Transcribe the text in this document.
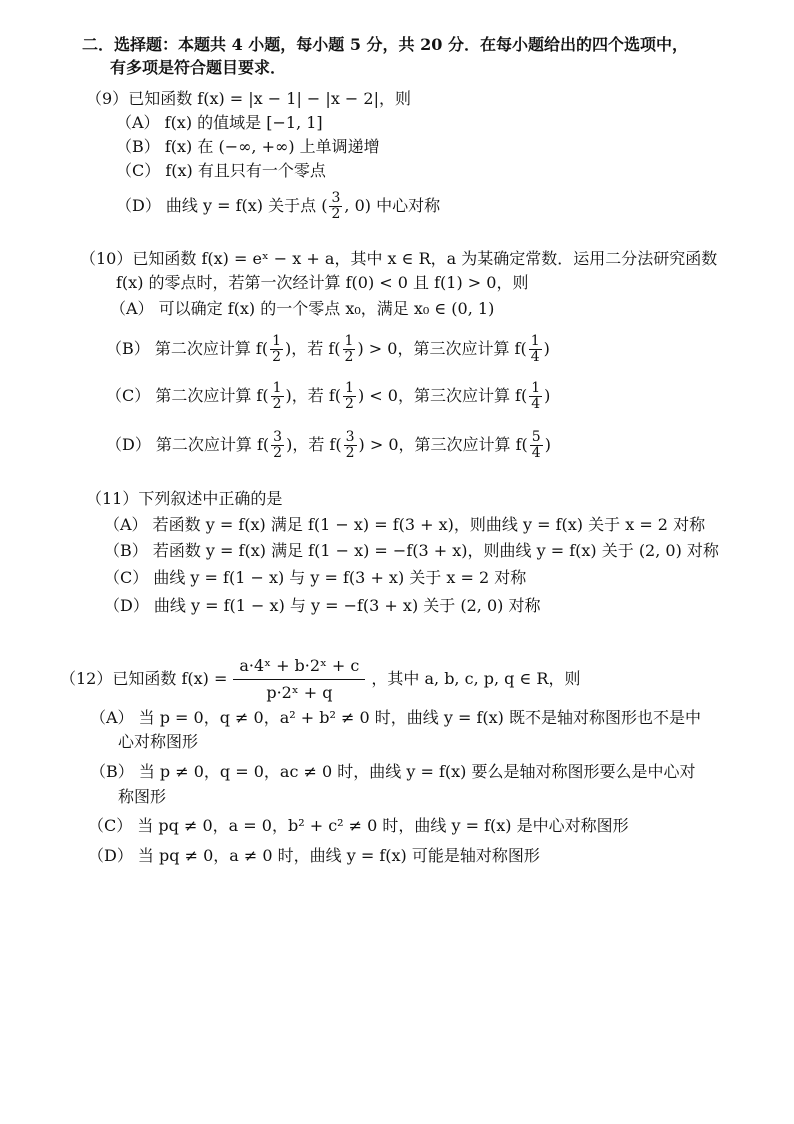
二．选择题：本题共 4 小题，每小题 5 分，共 20 分．在每小题给出的四个选项中，
有多项是符合题目要求．
（9）已知函数 f(x) = |x − 1| − |x − 2|，则
（A） f(x) 的值域是 [−1, 1]
（B） f(x) 在 (−∞, +∞) 上单调递增
（C） f(x) 有且只有一个零点
（D） 曲线 y = f(x) 关于点 ( $\frac{3}{2}$ , 0) 中心对称
（10）已知函数 f(x) = eˣ − x + a，其中 x ∈ R，a 为某确定常数．运用二分法研究函数
f(x) 的零点时，若第一次经计算 f(0) < 0 且 f(1) > 0，则
（A） 可以确定 f(x) 的一个零点 x₀，满足 x₀ ∈ (0, 1)
（B） 第二次应计算 $f( \frac{1}{2}$ )，若 $f( \frac{1}{2}$ ) > 0，第三次应计算 $f( \frac{1}{4}$ )
（C） 第二次应计算 $f( \frac{1}{2}$ )，若 $f( \frac{1}{2}$ ) < 0，第三次应计算 $f( \frac{1}{4}$ )
（D） 第二次应计算 $f( \frac{3}{2}$ )，若 $f( \frac{3}{2}$ ) > 0，第三次应计算 $f( \frac{5}{4}$ )
（11）下列叙述中正确的是
（A） 若函数 y = f(x) 满足 f(1 − x) = f(3 + x)，则曲线 y = f(x) 关于 x = 2 对称
（B） 若函数 y = f(x) 满足 f(1 − x) = −f(3 + x)，则曲线 y = f(x) 关于 (2, 0) 对称
（C） 曲线 y = f(1 − x) 与 y = f(3 + x) 关于 x = 2 对称
（D） 曲线 y = f(1 − x) 与 y = −f(3 + x) 关于 (2, 0) 对称
（12）已知函数 $f(x) = \frac{\text{a·4ˣ + b·2ˣ + c}}{\text{p·2ˣ + q}}$ ，其中 a, b, c, p, q ∈ R，则
（A） 当 p = 0，q ≠ 0，a² + b² ≠ 0 时，曲线 y = f(x) 既不是轴对称图形也不是中
心对称图形
（B） 当 p ≠ 0，q = 0，ac ≠ 0 时，曲线 y = f(x) 要么是轴对称图形要么是中心对
称图形
（C） 当 pq ≠ 0，a = 0，b² + c² ≠ 0 时，曲线 y = f(x) 是中心对称图形
（D） 当 pq ≠ 0，a ≠ 0 时，曲线 y = f(x) 可能是轴对称图形
